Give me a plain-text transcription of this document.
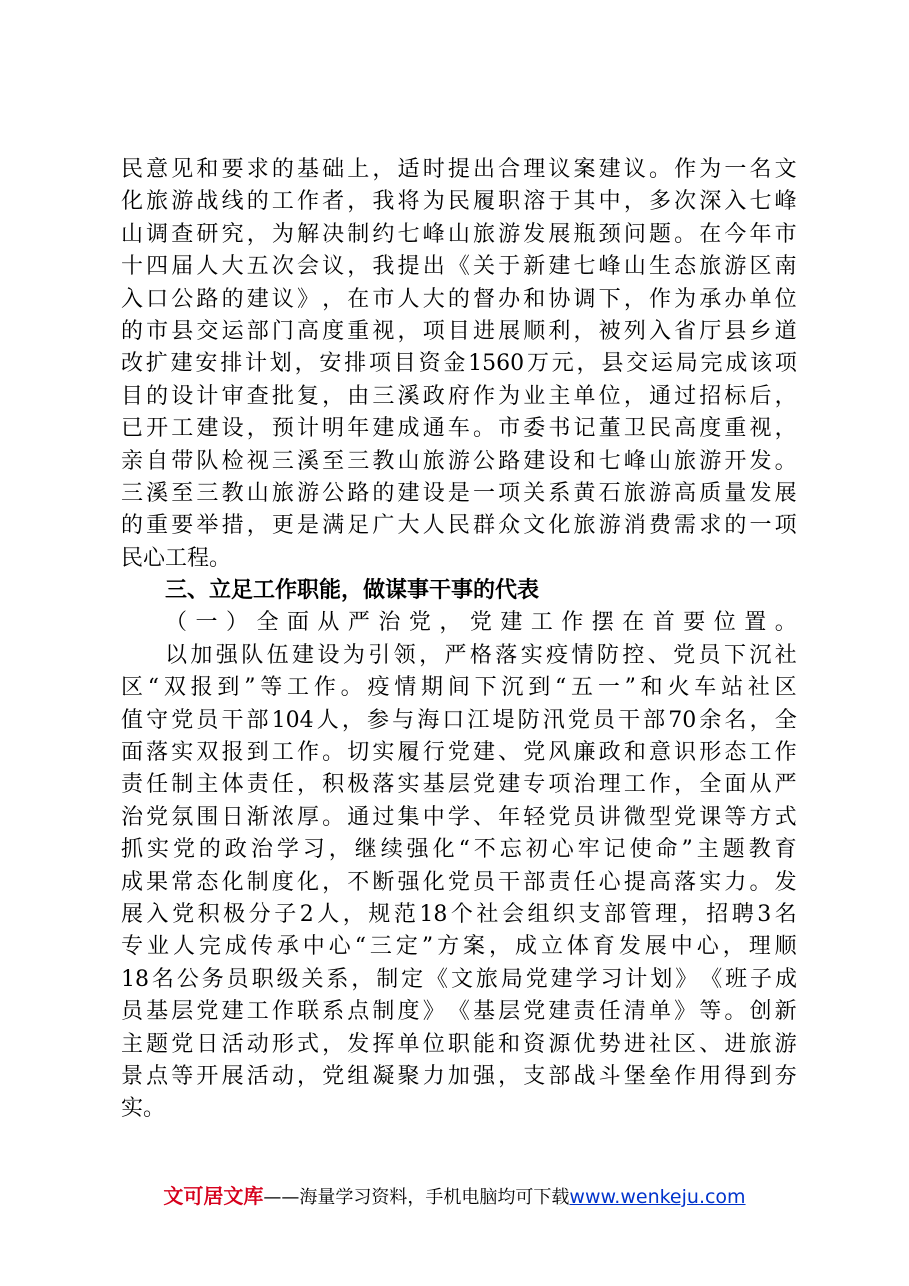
民 意 见 和 要 求 的 基 础 上 ， 适 时 提 出 合 理 议 案 建 议 。 作 为 一 名 文
化 旅 游 战 线 的 工 作 者 ， 我 将 为 民 履 职 溶 于 其 中 ， 多 次 深 入 七 峰
山 调 查 研 究 ， 为 解 决 制 约 七 峰 山 旅 游 发 展 瓶 颈 问 题 。 在 今 年 市
十 四 届 人 大 五 次 会 议 ， 我 提 出 《 关 于 新 建 七 峰 山 生 态 旅 游 区 南
入 口 公 路 的 建 议 》 ， 在 市 人 大 的 督 办 和 协 调 下 ， 作 为 承 办 单 位
的 市 县 交 运 部 门 高 度 重 视 ， 项 目 进 展 顺 利 ， 被 列 入 省 厅 县 乡 道
改 扩 建 安 排 计 划 ， 安 排 项 目 资 金 1560 万 元 ， 县 交 运 局 完 成 该 项
目 的 设 计 审 查 批 复 ， 由 三 溪 政 府 作 为 业 主 单 位 ， 通 过 招 标 后 ，
已 开 工 建 设 ， 预 计 明 年 建 成 通 车 。 市 委 书 记 董 卫 民 高 度 重 视 ，
亲 自 带 队 检 视 三 溪 至 三 教 山 旅 游 公 路 建 设 和 七 峰 山 旅 游 开 发 。
三 溪 至 三 教 山 旅 游 公 路 的 建 设 是 一 项 关 系 黄 石 旅 游 高 质 量 发 展
的 重 要 举 措 ， 更 是 满 足 广 大 人 民 群 众 文 化 旅 游 消 费 需 求 的 一 项
民心工程。
三、立足工作职能，做谋事干事的代表
（ 一 ） 全 面 从 严 治 党 ， 党 建 工 作 摆 在 首 要 位 置 。
以 加 强 队 伍 建 设 为 引 领 ， 严 格 落 实 疫 情 防 控 、 党 员 下 沉 社
区 “ 双 报 到 ” 等 工 作 。 疫 情 期 间 下 沉 到 “ 五 一 ” 和 火 车 站 社 区
值 守 党 员 干 部 104 人 ， 参 与 海 口 江 堤 防 汛 党 员 干 部 70 余 名 ， 全
面 落 实 双 报 到 工 作 。 切 实 履 行 党 建 、 党 风 廉 政 和 意 识 形 态 工 作
责 任 制 主 体 责 任 ， 积 极 落 实 基 层 党 建 专 项 治 理 工 作 ， 全 面 从 严
治 党 氛 围 日 渐 浓 厚 。 通 过 集 中 学 、 年 轻 党 员 讲 微 型 党 课 等 方 式
抓 实 党 的 政 治 学 习 ， 继 续 强 化 “ 不 忘 初 心 牢 记 使 命 ” 主 题 教 育
成 果 常 态 化 制 度 化 ， 不 断 强 化 党 员 干 部 责 任 心 提 高 落 实 力 。 发
展 入 党 积 极 分 子 2 人 ， 规 范 18 个 社 会 组 织 支 部 管 理 ， 招 聘 3 名
专 业 人 完 成 传 承 中 心 “ 三 定 ” 方 案 ， 成 立 体 育 发 展 中 心 ， 理 顺
18 名 公 务 员 职 级 关 系 ， 制 定 《 文 旅 局 党 建 学 习 计 划 》 《 班 子 成
员 基 层 党 建 工 作 联 系 点 制 度 》 《 基 层 党 建 责 任 清 单 》 等 。 创 新
主 题 党 日 活 动 形 式 ， 发 挥 单 位 职 能 和 资 源 优 势 进 社 区 、 进 旅 游
景 点 等 开 展 活 动 ， 党 组 凝 聚 力 加 强 ， 支 部 战 斗 堡 垒 作 用 得 到 夯
实。
文可居文库——海量学习资料，手机电脑均可下载www.wenkeju.com
